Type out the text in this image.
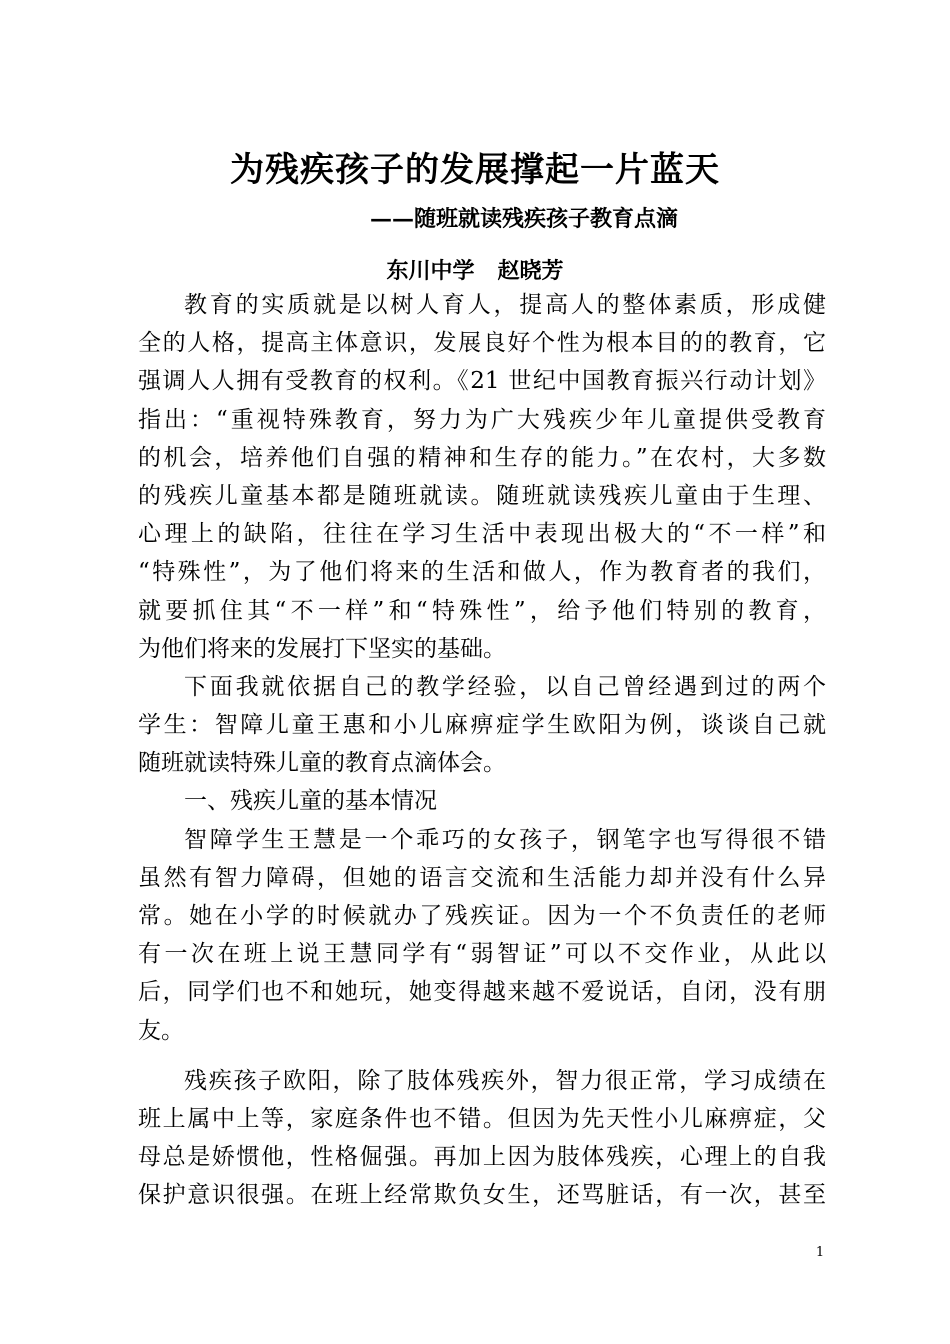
为残疾孩子的发展撑起一片蓝天
——随班就读残疾孩子教育点滴
东川中学   赵晓芳
教育的实质就是以树人育人，提高人的整体素质，形成健
全的人格，提高主体意识，发展良好个性为根本目的的教育，它
强调人人拥有受教育的权利。《21 世纪中国教育振兴行动计划》
指出：“重视特殊教育，努力为广大残疾少年儿童提供受教育
的机会，培养他们自强的精神和生存的能力。”在农村，大多数
的残疾儿童基本都是随班就读。随班就读残疾儿童由于生理、
心理上的缺陷，往往在学习生活中表现出极大的“不一样”和
“特殊性”，为了他们将来的生活和做人，作为教育者的我们，
就要抓住其“不一样”和“特殊性”，给予他们特别的教育，
为他们将来的发展打下坚实的基础。
下面我就依据自己的教学经验，以自己曾经遇到过的两个
学生：智障儿童王惠和小儿麻痹症学生欧阳为例，谈谈自己就
随班就读特殊儿童的教育点滴体会。
一、残疾儿童的基本情况
智障学生王慧是一个乖巧的女孩子，钢笔字也写得很不错
虽然有智力障碍，但她的语言交流和生活能力却并没有什么异
常。她在小学的时候就办了残疾证。因为一个不负责任的老师
有一次在班上说王慧同学有“弱智证”可以不交作业，从此以
后，同学们也不和她玩，她变得越来越不爱说话，自闭，没有朋
友。
残疾孩子欧阳，除了肢体残疾外，智力很正常，学习成绩在
班上属中上等，家庭条件也不错。但因为先天性小儿麻痹症，父
母总是娇惯他，性格倔强。再加上因为肢体残疾，心理上的自我
保护意识很强。在班上经常欺负女生，还骂脏话，有一次，甚至
1
